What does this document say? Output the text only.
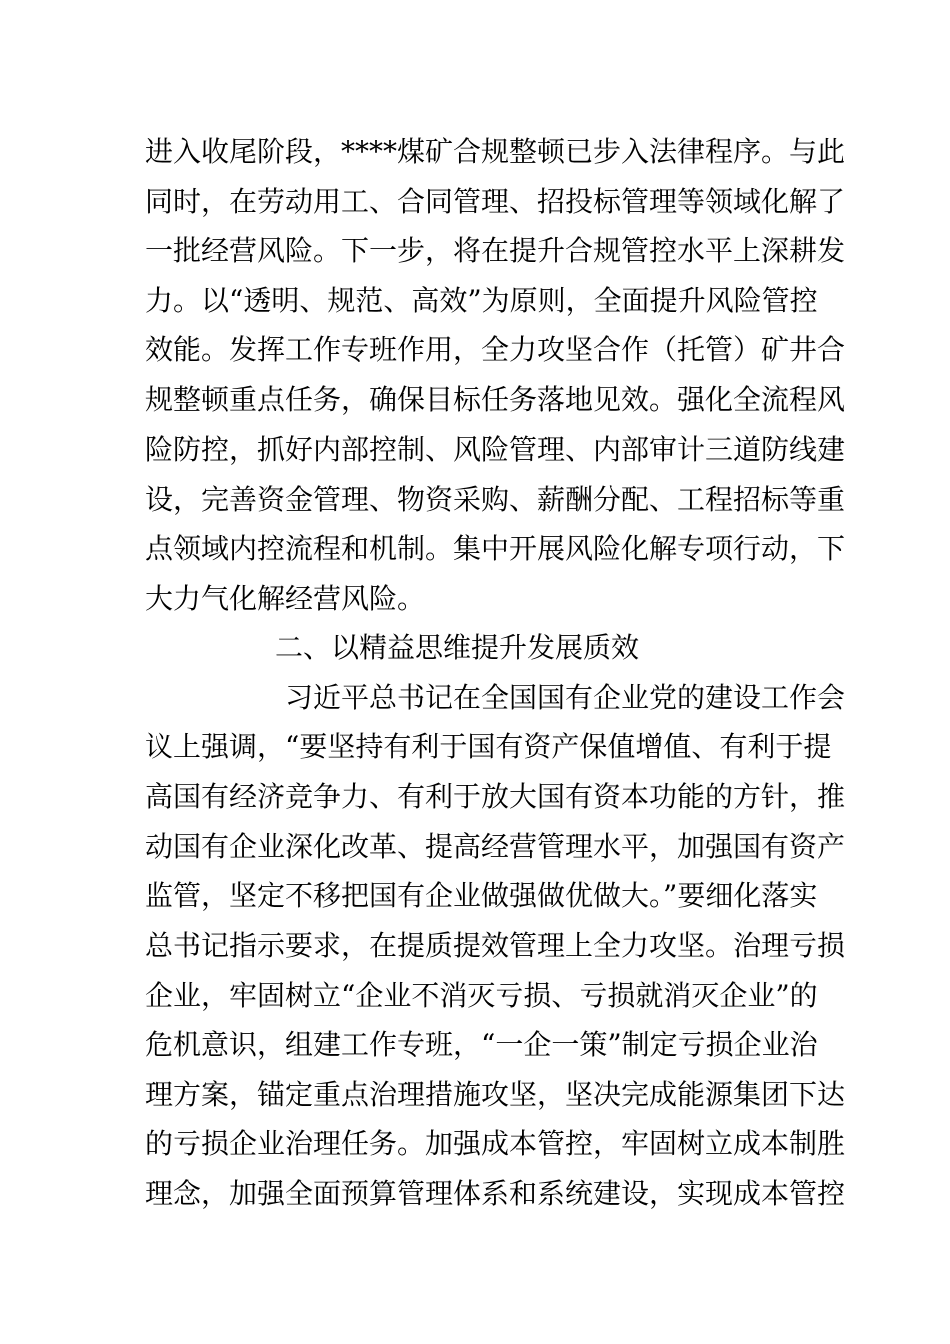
进入收尾阶段，****煤矿合规整顿已步入法律程序。与此
同时，在劳动用工、合同管理、招投标管理等领域化解了
一批经营风险。下一步，将在提升合规管控水平上深耕发
力。以“透明、规范、高效”为原则，全面提升风险管控
效能。发挥工作专班作用，全力攻坚合作（托管）矿井合
规整顿重点任务，确保目标任务落地见效。强化全流程风
险防控，抓好内部控制、风险管理、内部审计三道防线建
设，完善资金管理、物资采购、薪酬分配、工程招标等重
点领域内控流程和机制。集中开展风险化解专项行动，下
大力气化解经营风险。
二、以精益思维提升发展质效
习近平总书记在全国国有企业党的建设工作会
议上强调，“要坚持有利于国有资产保值增值、有利于提
高国有经济竞争力、有利于放大国有资本功能的方针，推
动国有企业深化改革、提高经营管理水平，加强国有资产
监管，坚定不移把国有企业做强做优做大。”要细化落实
总书记指示要求，在提质提效管理上全力攻坚。治理亏损
企业，牢固树立“企业不消灭亏损、亏损就消灭企业”的
危机意识，组建工作专班，“一企一策”制定亏损企业治
理方案，锚定重点治理措施攻坚，坚决完成能源集团下达
的亏损企业治理任务。加强成本管控，牢固树立成本制胜
理念，加强全面预算管理体系和系统建设，实现成本管控
